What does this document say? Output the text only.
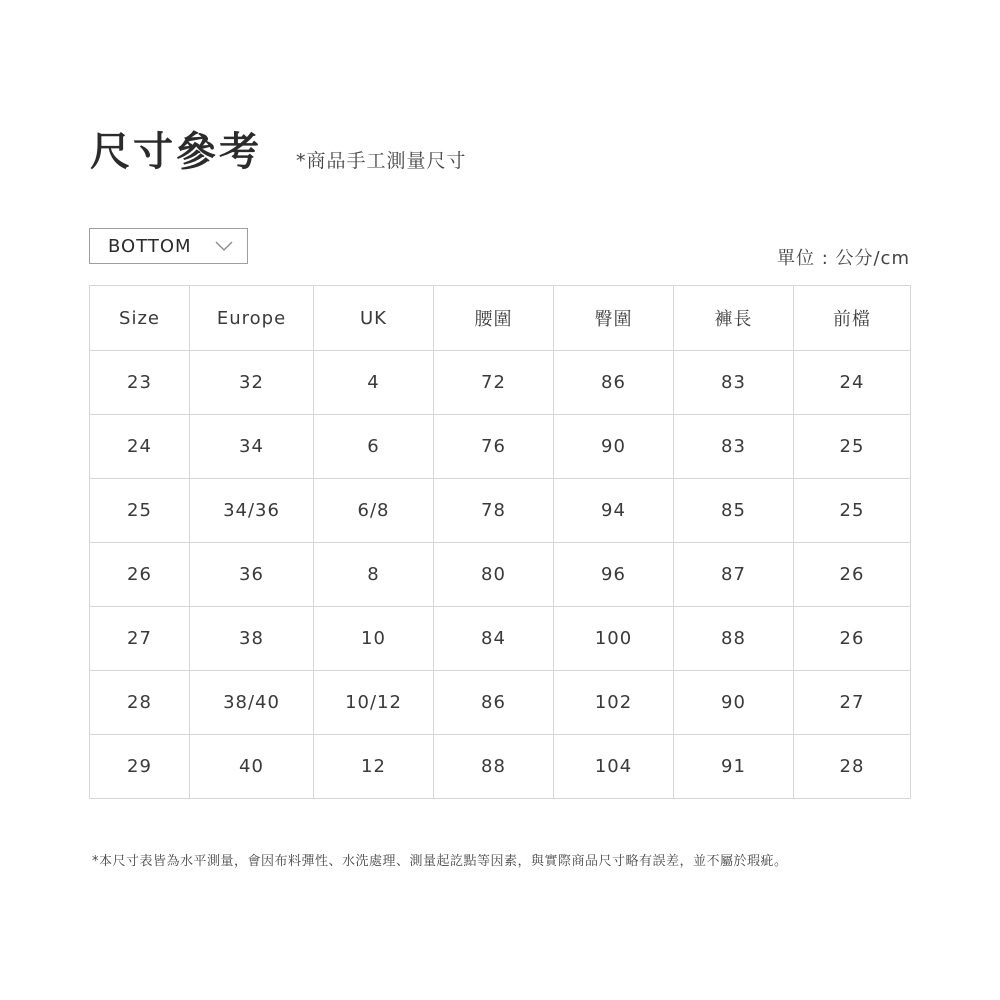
尺寸參考 *商品手工測量尺寸
BOTTOM
單位 : 公分/cm
Size	Europe	UK	腰圍	臀圍	褲長	前檔
23	32	4	72	86	83	24
24	34	6	76	90	83	25
25	34/36	6/8	78	94	85	25
26	36	8	80	96	87	26
27	38	10	84	100	88	26
28	38/40	10/12	86	102	90	27
29	40	12	88	104	91	28
*本尺寸表皆為水平測量，會因布料彈性、水洗處理、測量起訖點等因素，與實際商品尺寸略有誤差，並不屬於瑕疵。
